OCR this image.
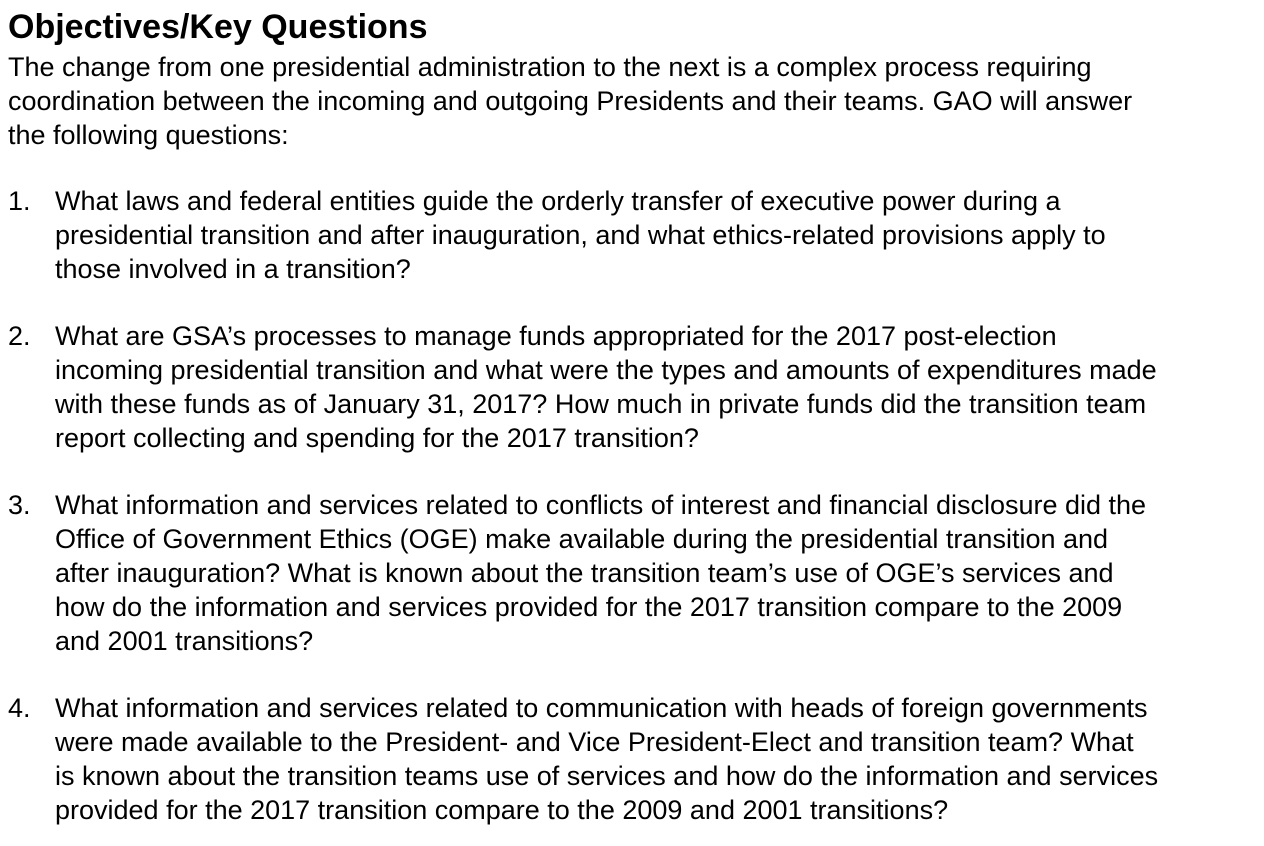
Objectives/Key Questions

The change from one presidential administration to the next is a complex process requiring
coordination between the incoming and outgoing Presidents and their teams. GAO will answer
the following questions:

1. What laws and federal entities guide the orderly transfer of executive power during a
presidential transition and after inauguration, and what ethics-related provisions apply to
those involved in a transition?
2. What are GSA’s processes to manage funds appropriated for the 2017 post-election
incoming presidential transition and what were the types and amounts of expenditures made
with these funds as of January 31, 2017? How much in private funds did the transition team
report collecting and spending for the 2017 transition?
3. What information and services related to conflicts of interest and financial disclosure did the
Office of Government Ethics (OGE) make available during the presidential transition and
after inauguration? What is known about the transition team’s use of OGE’s services and
how do the information and services provided for the 2017 transition compare to the 2009
and 2001 transitions?
4. What information and services related to communication with heads of foreign governments
were made available to the President- and Vice President-Elect and transition team? What
is known about the transition teams use of services and how do the information and services
provided for the 2017 transition compare to the 2009 and 2001 transitions?
